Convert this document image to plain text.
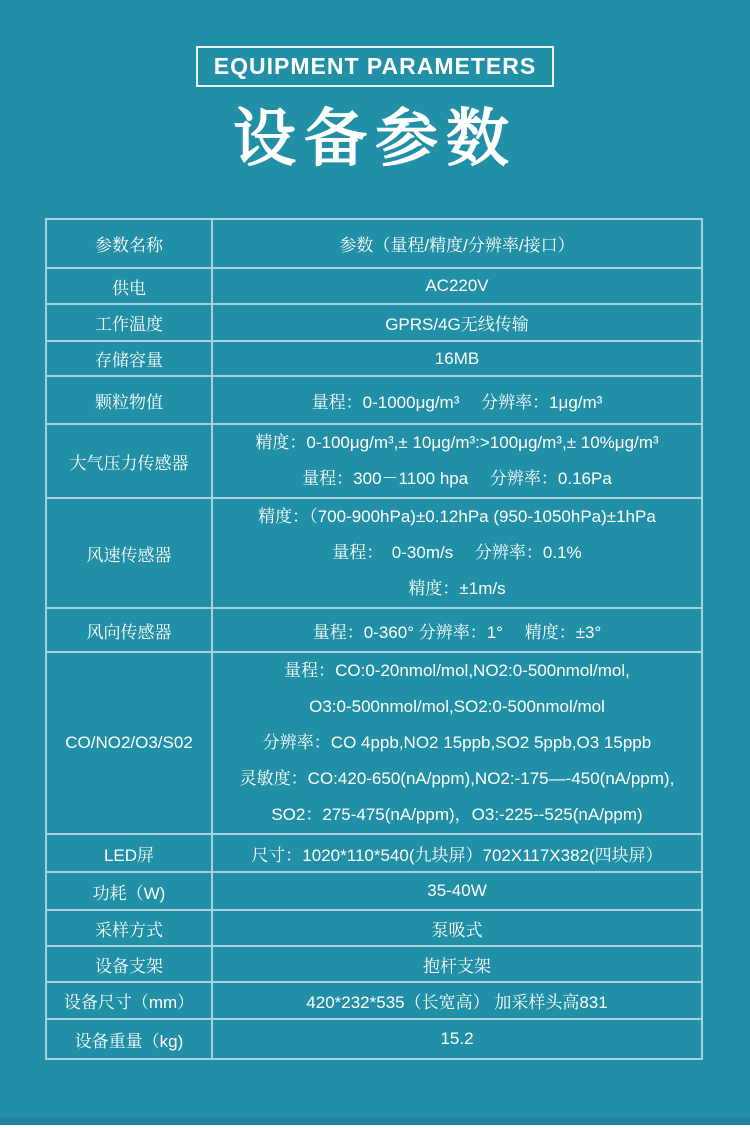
EQUIPMENT PARAMETERS
设备参数
参数名称	参数（量程/精度/分辨率/接口）

供电	AC220V

工作温度	GPRS/4G无线传输

存储容量	16MB

颗粒物值	量程：0-1000μg/m³　 分辨率：1μg/m³

大气压力传感器	精度：0-100μg/m³,± 10μg/m³:>100μg/m³,± 10%μg/m³
量程：300－1100 hpa　 分辨率：0.16Pa

风速传感器	精度：（700-900hPa)±0.12hPa (950-1050hPa)±1hPa
量程：　0-30m/s　 分辨率：0.1%
精度：±1m/s

风向传感器	量程：0-360° 分辨率：1°　 精度：±3°

CO/NO2/O3/S02	量程：CO:0-20nmol/mol,NO2:0-500nmol/mol,
O3:0-500nmol/mol,SO2:0-500nmol/mol
分辨率：CO 4ppb,NO2 15ppb,SO2 5ppb,O3 15ppb
灵敏度：CO:420-650(nA/ppm),NO2:-175—-450(nA/ppm),
SO2：275-475(nA/ppm)，O3:-225--525(nA/ppm)

LED屏	尺寸：1020*110*540(九块屏）702X117X382(四块屏）

功耗（W)	35-40W

采样方式	泵吸式

设备支架	抱杆支架

设备尺寸（mm）	420*232*535（长宽高） 加采样头高831

设备重量（kg)	15.2
